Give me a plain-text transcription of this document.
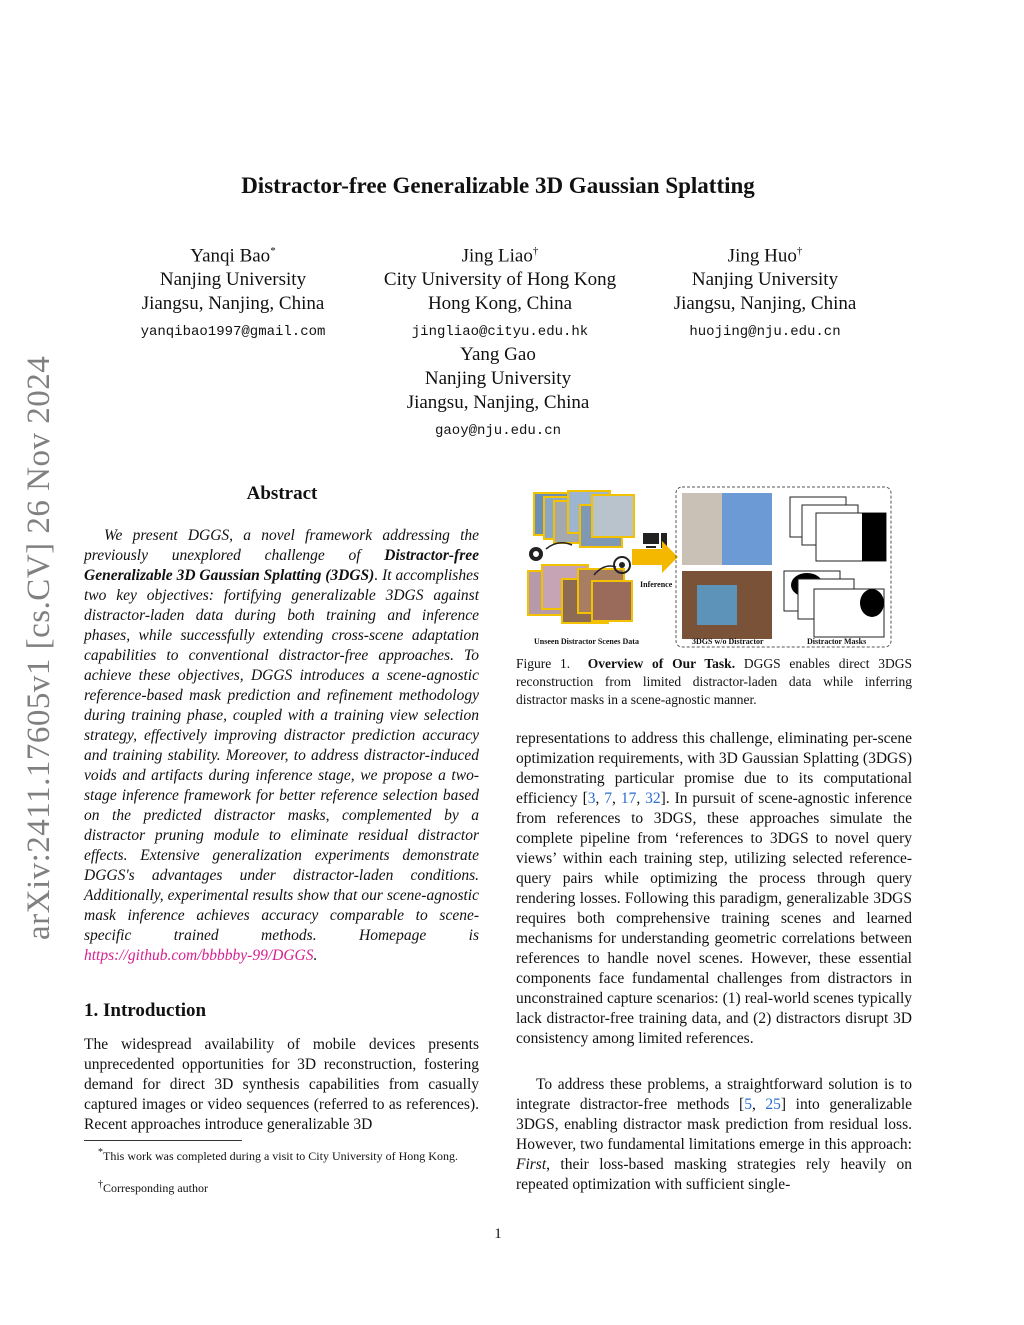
arXiv:2411.17605v1 [cs.CV] 26 Nov 2024
Distractor-free Generalizable 3D Gaussian Splatting
Yanqi Bao*
Nanjing University
Jiangsu, Nanjing, China
yanqibao1997@gmail.com
Jing Liao†
City University of Hong Kong
Hong Kong, China
jingliao@cityu.edu.hk
Jing Huo†
Nanjing University
Jiangsu, Nanjing, China
huojing@nju.edu.cn
Yang Gao
Nanjing University
Jiangsu, Nanjing, China
gaoy@nju.edu.cn
Abstract
We present DGGS, a novel framework addressing the previously unexplored challenge of Distractor-free Generalizable 3D Gaussian Splatting (3DGS). It accomplishes two key objectives: fortifying generalizable 3DGS against distractor-laden data during both training and inference phases, while successfully extending cross-scene adaptation capabilities to conventional distractor-free approaches. To achieve these objectives, DGGS introduces a scene-agnostic reference-based mask prediction and refinement methodology during training phase, coupled with a training view selection strategy, effectively improving distractor prediction accuracy and training stability. Moreover, to address distractor-induced voids and artifacts during inference stage, we propose a two-stage inference framework for better reference selection based on the predicted distractor masks, complemented by a distractor pruning module to eliminate residual distractor effects. Extensive generalization experiments demonstrate DGGS's advantages under distractor-laden conditions. Additionally, experimental results show that our scene-agnostic mask inference achieves accuracy comparable to scene-specific trained methods. Homepage is https://github.com/bbbbby-99/DGGS.
1. Introduction
The widespread availability of mobile devices presents unprecedented opportunities for 3D reconstruction, fostering demand for direct 3D synthesis capabilities from casually captured images or video sequences (referred to as references). Recent approaches introduce generalizable 3D
*This work was completed during a visit to City University of Hong Kong.
†Corresponding author
Inference
Unseen Distractor Scenes Data	3DGS w/o Distractor	Distractor Masks
Figure 1. Overview of Our Task. DGGS enables direct 3DGS reconstruction from limited distractor-laden data while inferring distractor masks in a scene-agnostic manner.
representations to address this challenge, eliminating per-scene optimization requirements, with 3D Gaussian Splatting (3DGS) demonstrating particular promise due to its computational efficiency [3, 7, 17, 32]. In pursuit of scene-agnostic inference from references to 3DGS, these approaches simulate the complete pipeline from ‘references to 3DGS to novel query views’ within each training step, utilizing selected reference-query pairs while optimizing the process through query rendering losses. Following this paradigm, generalizable 3DGS requires both comprehensive training scenes and learned mechanisms for understanding geometric correlations between references to handle novel scenes. However, these essential components face fundamental challenges from distractors in unconstrained capture scenarios: (1) real-world scenes typically lack distractor-free training data, and (2) distractors disrupt 3D consistency among limited references.
To address these problems, a straightforward solution is to integrate distractor-free methods [5, 25] into generalizable 3DGS, enabling distractor mask prediction from residual loss. However, two fundamental limitations emerge in this approach: First, their loss-based masking strategies rely heavily on repeated optimization with sufficient single-
1
